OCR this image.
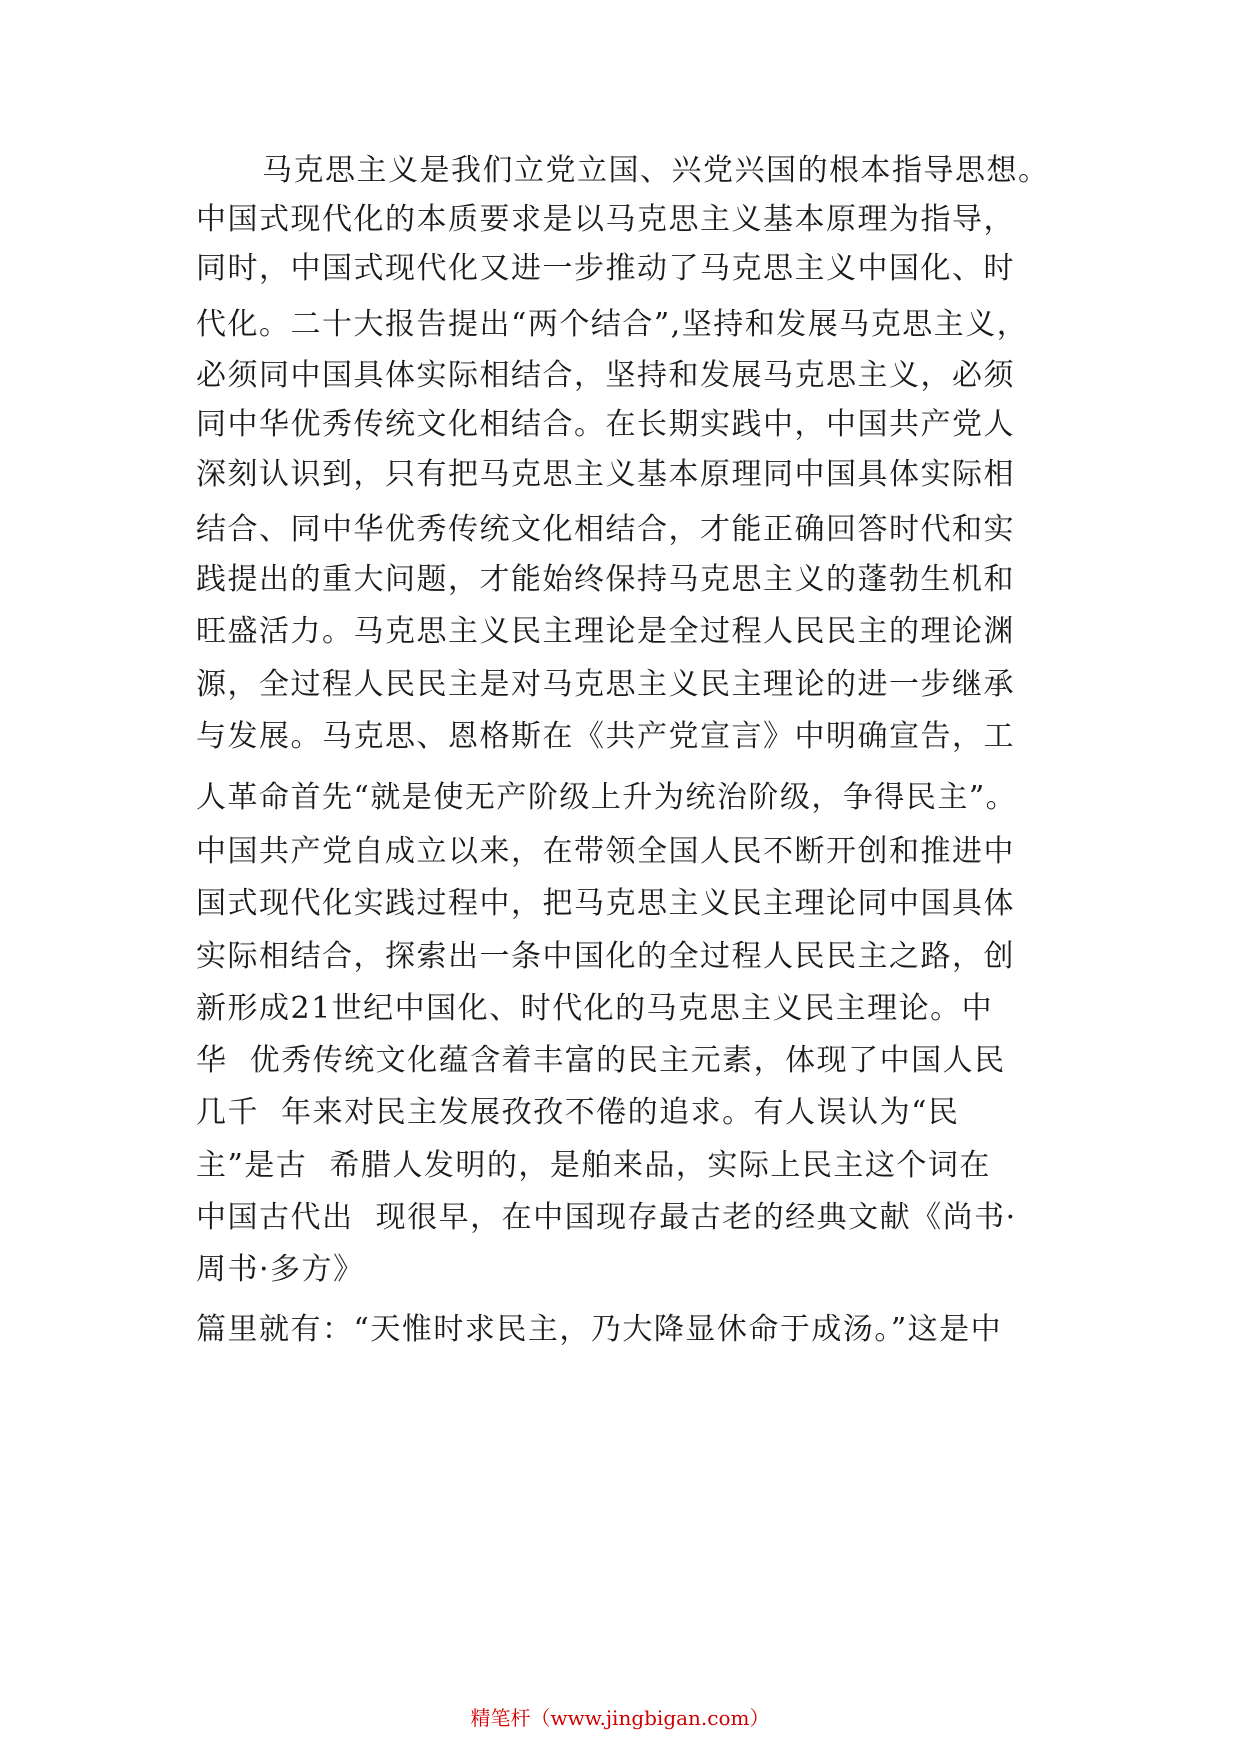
马克思主义是我们立党立国、兴党兴国的根本指导思想。
中国式现代化的本质要求是以马克思主义基本原理为指导，
同时，中国式现代化又进一步推动了马克思主义中国化、时
代化。二十大报告提出“两个结合”,坚持和发展马克思主义，
必须同中国具体实际相结合，坚持和发展马克思主义，必须
同中华优秀传统文化相结合。在长期实践中，中国共产党人
深刻认识到，只有把马克思主义基本原理同中国具体实际相
结合、同中华优秀传统文化相结合，才能正确回答时代和实
践提出的重大问题，才能始终保持马克思主义的蓬勃生机和
旺盛活力。马克思主义民主理论是全过程人民民主的理论渊
源，全过程人民民主是对马克思主义民主理论的进一步继承
与发展。马克思、恩格斯在《共产党宣言》中明确宣告，工
人革命首先“就是使无产阶级上升为统治阶级，争得民主”。
中国共产党自成立以来，在带领全国人民不断开创和推进中
国式现代化实践过程中，把马克思主义民主理论同中国具体
实际相结合，探索出一条中国化的全过程人民民主之路，创
新形成21世纪中国化、时代化的马克思主义民主理论。中
华  优秀传统文化蕴含着丰富的民主元素，体现了中国人民
几千  年来对民主发展孜孜不倦的追求。有人误认为“民
主”是古  希腊人发明的，是舶来品，实际上民主这个词在
中国古代出  现很早，在中国现存最古老的经典文献《尚书·
周书·多方》
篇里就有：“天惟时求民主，乃大降显休命于成汤。”这是中
精笔杆（www.jingbigan.com）
